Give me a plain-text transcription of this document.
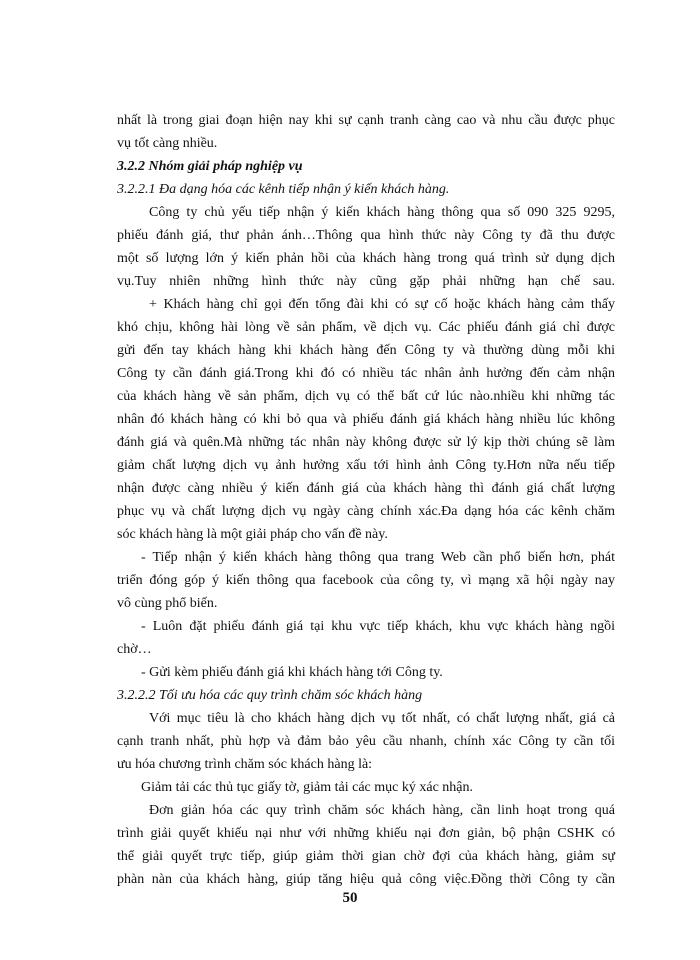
nhất là trong giai đoạn hiện nay khi sự cạnh tranh càng cao và nhu cầu được phục
vụ tốt càng nhiều.
3.2.2 Nhóm giải pháp nghiệp vụ
3.2.2.1 Đa dạng hóa các kênh tiếp nhận ý kiến khách hàng.
Công ty chủ yếu tiếp nhận ý kiến khách hàng thông qua số 090 325 9295,
phiếu đánh giá, thư phản ánh…Thông qua hình thức này Công ty đã thu được
một số lượng lớn ý kiến phản hồi của khách hàng trong quá trình sử dụng dịch
vụ.Tuy nhiên những hình thức này cũng gặp phải những hạn chế sau.
+ Khách hàng chỉ gọi đến tổng đài khi có sự cố hoặc khách hàng cảm thấy
khó chịu, không hài lòng về sản phẩm, về dịch vụ. Các phiếu đánh giá chỉ được
gửi đến tay khách hàng khi khách hàng đến Công ty và thường dùng mỗi khi
Công ty cần đánh giá.Trong khi đó có nhiều tác nhân ảnh hưởng đến cảm nhận
của khách hàng về sản phẩm, dịch vụ có thể bất cứ lúc nào.nhiều khi những tác
nhân đó khách hàng có khi bỏ qua và phiếu đánh giá khách hàng nhiều lúc không
đánh giá và quên.Mà những tác nhân này không được sử lý kịp thời chúng sẽ làm
giảm chất lượng dịch vụ ảnh hưởng xấu tới hình ảnh Công ty.Hơn nữa nếu tiếp
nhận được càng nhiều ý kiến đánh giá của khách hàng thì đánh giá chất lượng
phục vụ và chất lượng dịch vụ ngày càng chính xác.Đa dạng hóa các kênh chăm
sóc khách hàng là một giải pháp cho vấn đề này.
- Tiếp nhận ý kiến khách hàng thông qua trang Web cần phổ biến hơn, phát
triển đóng góp ý kiến thông qua facebook của công ty, vì mạng xã hội ngày nay
vô cùng phổ biến.
- Luôn đặt phiếu đánh giá tại khu vực tiếp khách, khu vực khách hàng ngồi
chờ…
- Gửi kèm phiếu đánh giá khi khách hàng tới Công ty.
3.2.2.2 Tối ưu hóa các quy trình chăm sóc khách hàng
Với mục tiêu là cho khách hàng dịch vụ tốt nhất, có chất lượng nhất, giá cả
cạnh tranh nhất, phù hợp và đảm bảo yêu cầu nhanh, chính xác Công ty cần tối
ưu hóa chương trình chăm sóc khách hàng là:
Giảm tải các thủ tục giấy tờ, giảm tải các mục ký xác nhận.
Đơn giản hóa các quy trình chăm sóc khách hàng, cần linh hoạt trong quá
trình giải quyết khiếu nại như với những khiếu nại đơn giản, bộ phận CSHK có
thể giải quyết trực tiếp, giúp giảm thời gian chờ đợi của khách hàng, giảm sự
phàn nàn của khách hàng, giúp tăng hiệu quả công việc.Đồng thời Công ty cần
50
